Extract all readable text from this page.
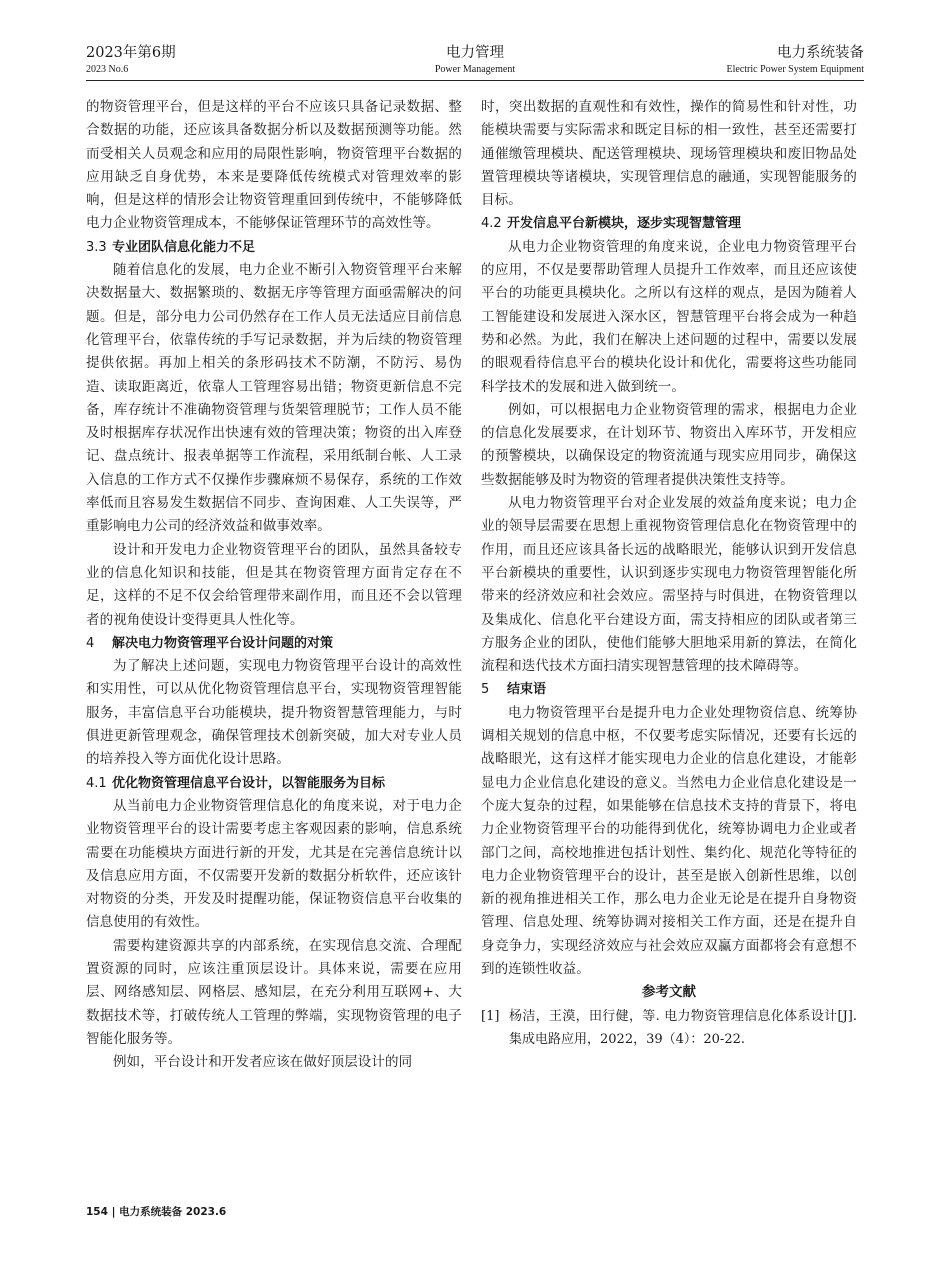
2023年第6期
2023 No.6
电力管理
Power Management
电力系统装备
Electric Power System Equipment

的物资管理平台，但是这样的平台不应该只具备记录数据、整合数据的功能，还应该具备数据分析以及数据预测等功能。然而受相关人员观念和应用的局限性影响，物资管理平台数据的应用缺乏自身优势，本来是要降低传统模式对管理效率的影响，但是这样的情形会让物资管理重回到传统中，不能够降低电力企业物资管理成本，不能够保证管理环节的高效性等。

3.3 专业团队信息化能力不足

随着信息化的发展，电力企业不断引入物资管理平台来解决数据量大、数据繁琐的、数据无序等管理方面亟需解决的问题。但是，部分电力公司仍然存在工作人员无法适应目前信息化管理平台，依靠传统的手写记录数据，并为后续的物资管理提供依据。再加上相关的条形码技术不防潮，不防污、易伪造、读取距离近，依靠人工管理容易出错；物资更新信息不完备，库存统计不准确物资管理与货架管理脱节；工作人员不能及时根据库存状况作出快速有效的管理决策；物资的出入库登记、盘点统计、报表单据等工作流程，采用纸制台帐、人工录入信息的工作方式不仅操作步骤麻烦不易保存，系统的工作效率低而且容易发生数据信不同步、查询困难、人工失误等，严重影响电力公司的经济效益和做事效率。

设计和开发电力企业物资管理平台的团队，虽然具备较专业的信息化知识和技能，但是其在物资管理方面肯定存在不足，这样的不足不仅会给管理带来副作用，而且还不会以管理者的视角使设计变得更具人性化等。

4 解决电力物资管理平台设计问题的对策

为了解决上述问题，实现电力物资管理平台设计的高效性和实用性，可以从优化物资管理信息平台，实现物资管理智能服务，丰富信息平台功能模块，提升物资智慧管理能力，与时俱进更新管理观念，确保管理技术创新突破，加大对专业人员的培养投入等方面优化设计思路。

4.1 优化物资管理信息平台设计，以智能服务为目标

从当前电力企业物资管理信息化的角度来说，对于电力企业物资管理平台的设计需要考虑主客观因素的影响，信息系统需要在功能模块方面进行新的开发，尤其是在完善信息统计以及信息应用方面，不仅需要开发新的数据分析软件，还应该针对物资的分类，开发及时提醒功能，保证物资信息平台收集的信息使用的有效性。

需要构建资源共享的内部系统，在实现信息交流、合理配置资源的同时，应该注重顶层设计。具体来说，需要在应用层、网络感知层、网格层、感知层，在充分利用互联网+、大数据技术等，打破传统人工管理的弊端，实现物资管理的电子智能化服务等。

例如，平台设计和开发者应该在做好顶层设计的同

时，突出数据的直观性和有效性，操作的简易性和针对性，功能模块需要与实际需求和既定目标的相一致性，甚至还需要打通催缴管理模块、配送管理模块、现场管理模块和废旧物品处置管理模块等诸模块，实现管理信息的融通，实现智能服务的目标。

4.2 开发信息平台新模块，逐步实现智慧管理

从电力企业物资管理的角度来说，企业电力物资管理平台的应用，不仅是要帮助管理人员提升工作效率，而且还应该使平台的功能更具模块化。之所以有这样的观点，是因为随着人工智能建设和发展进入深水区，智慧管理平台将会成为一种趋势和必然。为此，我们在解决上述问题的过程中，需要以发展的眼观看待信息平台的模块化设计和优化，需要将这些功能同科学技术的发展和进入做到统一。

例如，可以根据电力企业物资管理的需求，根据电力企业的信息化发展要求，在计划环节、物资出入库环节，开发相应的预警模块，以确保设定的物资流通与现实应用同步，确保这些数据能够及时为物资的管理者提供决策性支持等。

从电力物资管理平台对企业发展的效益角度来说；电力企业的领导层需要在思想上重视物资管理信息化在物资管理中的作用，而且还应该具备长远的战略眼光，能够认识到开发信息平台新模块的重要性，认识到逐步实现电力物资管理智能化所带来的经济效应和社会效应。需坚持与时俱进，在物资管理以及集成化、信息化平台建设方面，需支持相应的团队或者第三方服务企业的团队，使他们能够大胆地采用新的算法，在简化流程和迭代技术方面扫清实现智慧管理的技术障碍等。

5 结束语

电力物资管理平台是提升电力企业处理物资信息、统筹协调相关规划的信息中枢，不仅要考虑实际情况，还要有长远的战略眼光，这有这样才能实现电力企业的信息化建设，才能彰显电力企业信息化建设的意义。当然电力企业信息化建设是一个庞大复杂的过程，如果能够在信息技术支持的背景下，将电力企业物资管理平台的功能得到优化，统筹协调电力企业或者部门之间，高校地推进包括计划性、集约化、规范化等特征的电力企业物资管理平台的设计，甚至是嵌入创新性思维，以创新的视角推进相关工作，那么电力企业无论是在提升自身物资管理、信息处理、统筹协调对接相关工作方面，还是在提升自身竞争力，实现经济效应与社会效应双赢方面都将会有意想不到的连锁性收益。

参考文献

[1] 杨洁，王漠，田行健，等. 电力物资管理信息化体系设计[J]. 集成电路应用，2022，39（4）：20-22.

154 | 电力系统装备 2023.6
